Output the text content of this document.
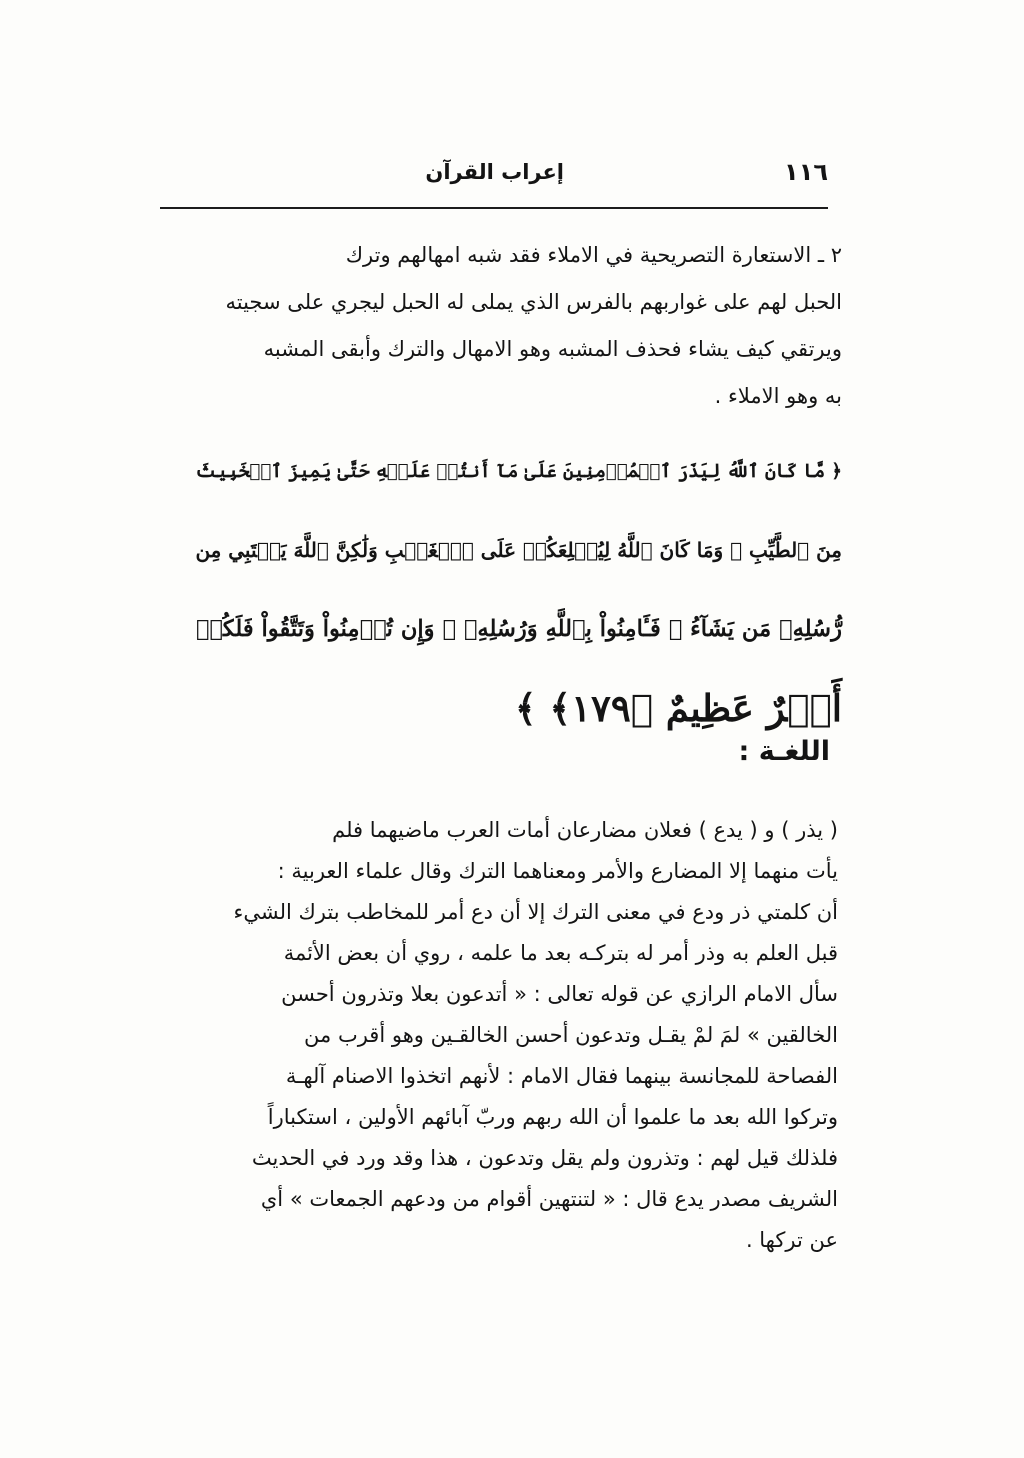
١١٦
إعراب القرآن
٢ ـ الاستعارة التصريحية في الاملاء فقد شبه امهالهم وترك
الحبل لهم على غواربهم بالفرس الذي يملى له الحبل ليجري على سجيته
ويرتقي كيف يشاء فحذف المشبه وهو الامهال والترك وأبقى المشبه
به وهو الاملاء .
﴿ مَّا كَانَ ٱللَّهُ لِيَذَرَ ٱلۡمُؤۡمِنِينَ عَلَىٰ مَآ أَنتُمۡ عَلَيۡهِ حَتَّىٰ يَمِيزَ ٱلۡخَبِيثَ
مِنَ ٱلطَّيِّبِ ۗ وَمَا كَانَ ٱللَّهُ لِيُطۡلِعَكُمۡ عَلَى ٱلۡغَيۡبِ وَلَٰكِنَّ ٱللَّهَ يَجۡتَبِي مِن
رُّسُلِهِۦ مَن يَشَآءُ ۖ فَـَٔامِنُواْ بِٱللَّهِ وَرُسُلِهِۦ ۚ وَإِن تُؤۡمِنُواْ وَتَتَّقُواْ فَلَكُمۡ
أَجۡرٌ عَظِيمٌ ﴿١٧٩﴾ ﴾
اللغـة :
( يذر ) و ( يدع ) فعلان مضارعان أمات العرب ماضيهما فلم
يأت منهما إلا المضارع والأمر ومعناهما الترك وقال علماء العربية :
أن كلمتي ذر ودع في معنى الترك إلا أن دع أمر للمخاطب بترك الشيء
قبل العلم به وذر أمر له بتركـه بعد ما علمه ، روي أن بعض الأئمة
سأل الامام الرازي عن قوله تعالى : « أتدعون بعلا وتذرون أحسن
الخالقين » لمَ لمْ يقـل وتدعون أحسن الخالقـين وهو أقرب من
الفصاحة للمجانسة بينهما فقال الامام : لأنهم اتخذوا الاصنام آلهـة
وتركوا الله بعد ما علموا أن الله ربهم وربّ آبائهم الأولين ، استكباراً
فلذلك قيل لهم : وتذرون ولم يقل وتدعون ، هذا وقد ورد في الحديث
الشريف مصدر يدع قال : « لتنتهين أقوام من ودعهم الجمعات » أي
عن تركها .
